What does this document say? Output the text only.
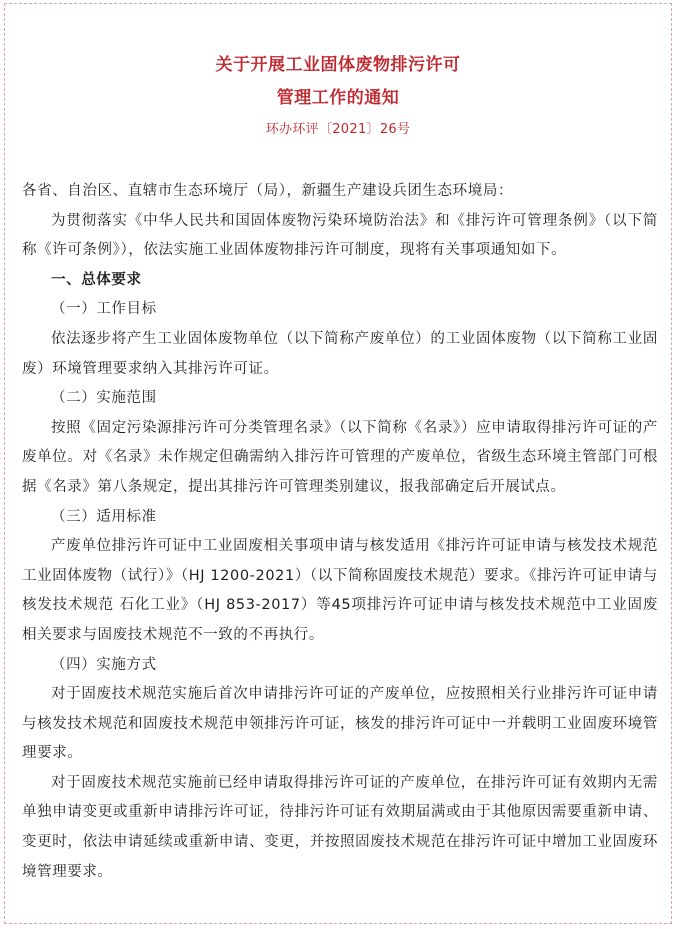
关于开展工业固体废物排污许可
管理工作的通知
环办环评〔2021〕26号

各省、自治区、直辖市生态环境厅（局），新疆生产建设兵团生态环境局：

为贯彻落实《中华人民共和国固体废物污染环境防治法》和《排污许可管理条例》（以下简称《许可条例》），依法实施工业固体废物排污许可制度，现将有关事项通知如下。

一、总体要求

（一）工作目标

依法逐步将产生工业固体废物单位（以下简称产废单位）的工业固体废物（以下简称工业固废）环境管理要求纳入其排污许可证。

（二）实施范围

按照《固定污染源排污许可分类管理名录》（以下简称《名录》）应申请取得排污许可证的产废单位。对《名录》未作规定但确需纳入排污许可管理的产废单位，省级生态环境主管部门可根据《名录》第八条规定，提出其排污许可管理类别建议，报我部确定后开展试点。

（三）适用标准

产废单位排污许可证中工业固废相关事项申请与核发适用《排污许可证申请与核发技术规范 工业固体废物（试行）》（HJ 1200-2021）（以下简称固废技术规范）要求。《排污许可证申请与核发技术规范 石化工业》（HJ 853-2017）等45项排污许可证申请与核发技术规范中工业固废相关要求与固废技术规范不一致的不再执行。

（四）实施方式

对于固废技术规范实施后首次申请排污许可证的产废单位，应按照相关行业排污许可证申请与核发技术规范和固废技术规范申领排污许可证，核发的排污许可证中一并载明工业固废环境管理要求。

对于固废技术规范实施前已经申请取得排污许可证的产废单位，在排污许可证有效期内无需单独申请变更或重新申请排污许可证，待排污许可证有效期届满或由于其他原因需要重新申请、变更时，依法申请延续或重新申请、变更，并按照固废技术规范在排污许可证中增加工业固废环境管理要求。
